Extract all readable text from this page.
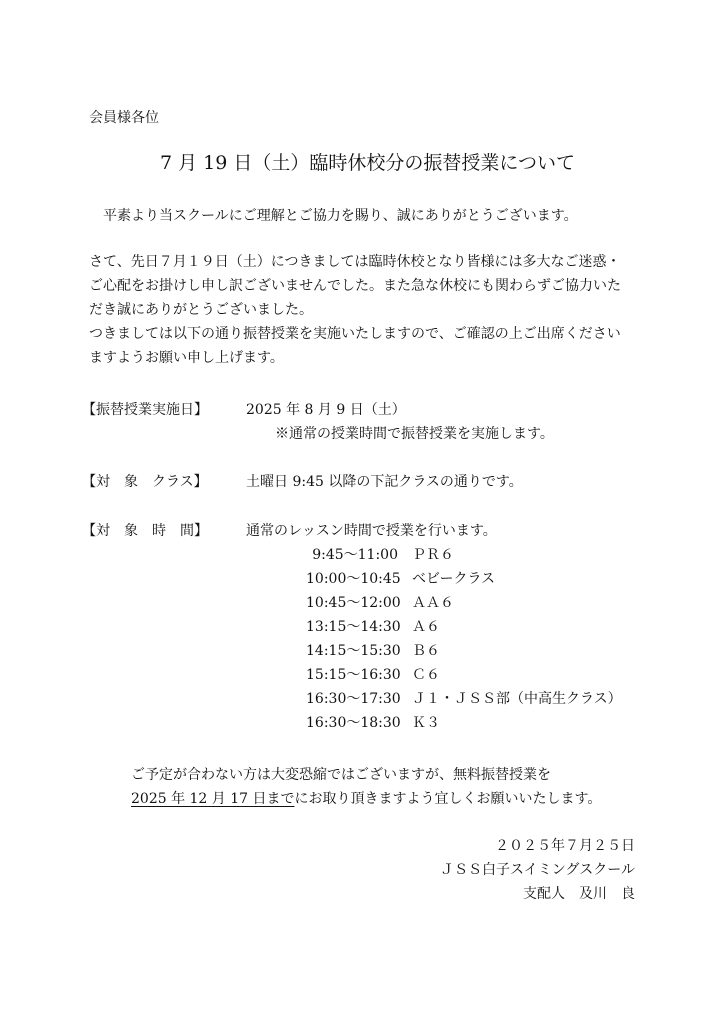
会員様各位
7 月 19 日（土）臨時休校分の振替授業について
平素より当スクールにご理解とご協力を賜り、誠にありがとうございます。
さて、先日７月１９日（土）につきましては臨時休校となり皆様には多大なご迷惑・
ご心配をお掛けし申し訳ございませんでした。また急な休校にも関わらずご協力いた
だき誠にありがとうございました。
つきましては以下の通り振替授業を実施いたしますので、ご確認の上ご出席ください
ますようお願い申し上げます。
【振替授業実施日】	2025 年 8 月 9 日（土）
※通常の授業時間で振替授業を実施します。
【対　象　クラス】	土曜日 9:45 以降の下記クラスの通りです。
【対　象　時　間】	通常のレッスン時間で授業を行います。
9:45～11:00 ＰＲ６
10:00～10:45 ベビークラス
10:45～12:00 ＡＡ６
13:15～14:30 Ａ６
14:15～15:30 Ｂ６
15:15～16:30 Ｃ６
16:30～17:30 Ｊ１・ＪＳＳ部（中高生クラス）
16:30～18:30 Ｋ３
ご予定が合わない方は大変恐縮ではございますが、無料振替授業を
2025 年 12 月 17 日までにお取り頂きますよう宜しくお願いいたします。
２０２５年７月２５日
ＪＳＳ白子スイミングスクール
支配人　及川　良
